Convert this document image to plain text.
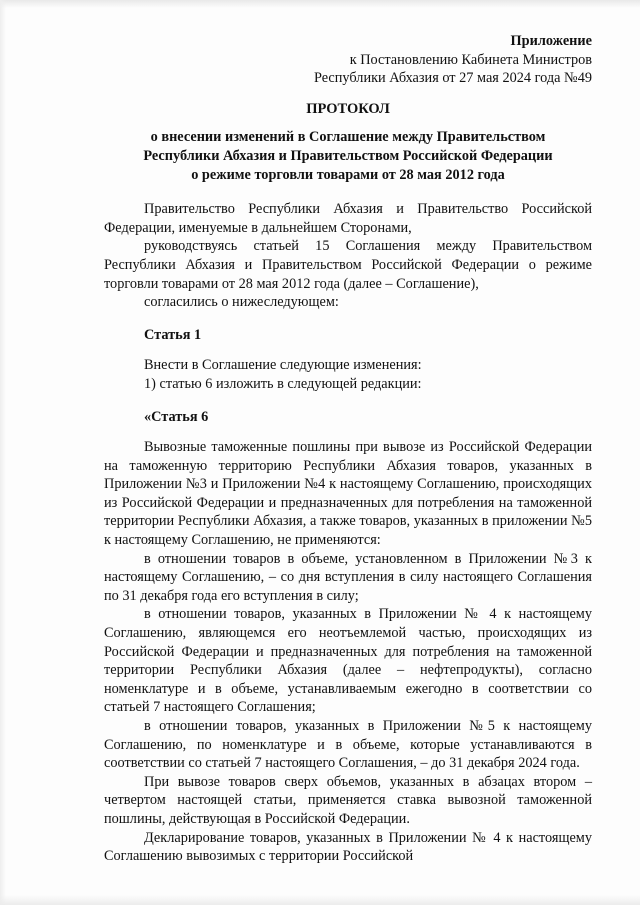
Приложение

к Постановлению Кабинета Министров

Республики Абхазия от 27 мая 2024 года №49

ПРОТОКОЛ

о внесении изменений в Соглашение между Правительством

Республики Абхазия и Правительством Российской Федерации

о режиме торговли товарами от 28 мая 2012 года

Правительство Республики Абхазия и Правительство Российской Федерации, именуемые в дальнейшем Сторонами,

руководствуясь статьей 15 Соглашения между Правительством Республики Абхазия и Правительством Российской Федерации о режиме торговли товарами от 28 мая 2012 года (далее – Соглашение),

согласились о нижеследующем:

Статья 1

Внести в Соглашение следующие изменения:

1) статью 6 изложить в следующей редакции:

«Статья 6

Вывозные таможенные пошлины при вывозе из Российской Федерации на таможенную территорию Республики Абхазия товаров, указанных в Приложении №3 и Приложении №4 к настоящему Соглашению, происходящих из Российской Федерации и предназначенных для потребления на таможенной территории Республики Абхазия, а также товаров, указанных в приложении №5 к настоящему Соглашению, не применяются:

в отношении товаров в объеме, установленном в Приложении №3 к настоящему Соглашению, – со дня вступления в силу настоящего Соглашения по 31 декабря года его вступления в силу;

в отношении товаров, указанных в Приложении № 4 к настоящему Соглашению, являющемся его неотъемлемой частью, происходящих из Российской Федерации и предназначенных для потребления на таможенной территории Республики Абхазия (далее – нефтепродукты), согласно номенклатуре и в объеме, устанавливаемым ежегодно в соответствии со статьей 7 настоящего Соглашения;

в отношении товаров, указанных в Приложении №5 к настоящему Соглашению, по номенклатуре и в объеме, которые устанавливаются в соответствии со статьей 7 настоящего Соглашения, – до 31 декабря 2024 года.

При вывозе товаров сверх объемов, указанных в абзацах втором – четвертом настоящей статьи, применяется ставка вывозной таможенной пошлины, действующая в Российской Федерации.

Декларирование товаров, указанных в Приложении № 4 к настоящему Соглашению вывозимых с территории Российской
